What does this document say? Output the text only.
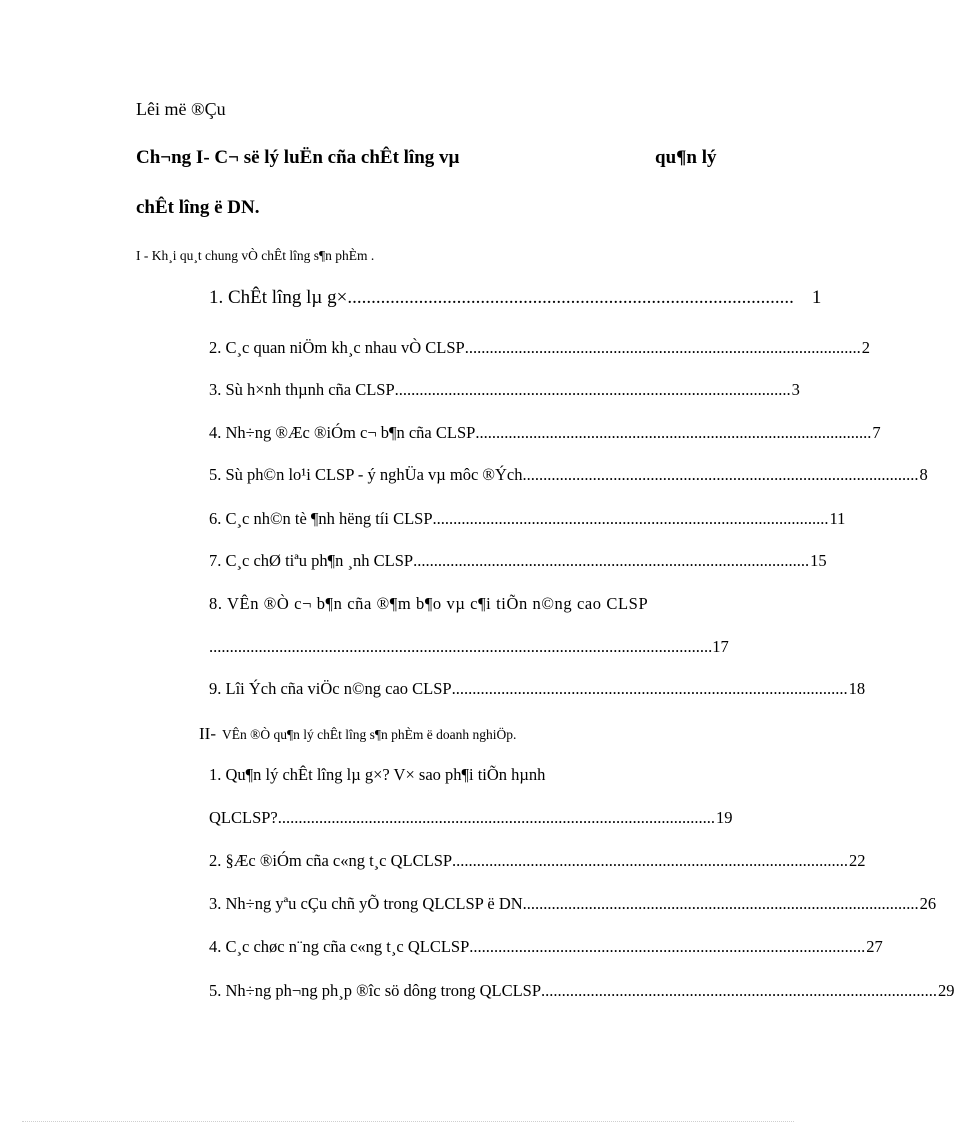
Lêi më ®Çu
Ch¬ng I- C¬ së lý luËn cña chÊt lîng vµ	qu¶n lý
chÊt lîng ë DN.
I - Kh¸i qu¸t chung vÒ chÊt lîng s¶n phÈm .
1. ChÊt lîng lµ g× .............................................................................................. 1
2. C¸c quan niÖm kh¸c nhau vÒ CLSP ................................................................................................ 2
3. Sù h×nh thµnh cña CLSP ................................................................................................ 3
4. Nh÷ng ®Æc ®iÓm c¬ b¶n cña CLSP ................................................................................................ 7
5. Sù ph©n lo¹i CLSP - ý nghÜa vµ môc ®Ých ................................................................................................ 8
6. C¸c nh©n tè ¶nh hëng tíi CLSP ................................................................................................ 11
7. C¸c chØ tiªu ph¶n ¸nh CLSP ................................................................................................ 15
8. VÊn ®Ò c¬ b¶n cña ®¶m b¶o vµ c¶i tiÕn n©ng cao CLSP
.......................................................................................................................... 17
9. Lîi Ých cña viÖc n©ng cao CLSP ................................................................................................ 18
II- VÊn ®Ò qu¶n lý chÊt lîng s¶n phÈm ë doanh nghiÖp.
1. Qu¶n lý chÊt lîng lµ g×? V× sao ph¶i tiÕn hµnh
QLCLSP? .......................................................................................................... 19
2. §Æc ®iÓm cña c«ng t¸c QLCLSP ................................................................................................ 22
3. Nh÷ng yªu cÇu chñ yÕ trong QLCLSP ë DN ................................................................................................ 26
4. C¸c chøc n¨ng cña c«ng t¸c QLCLSP ................................................................................................ 27
5. Nh÷ng ph¬ng ph¸p ®îc sö dông trong QLCLSP ................................................................................................ 29
